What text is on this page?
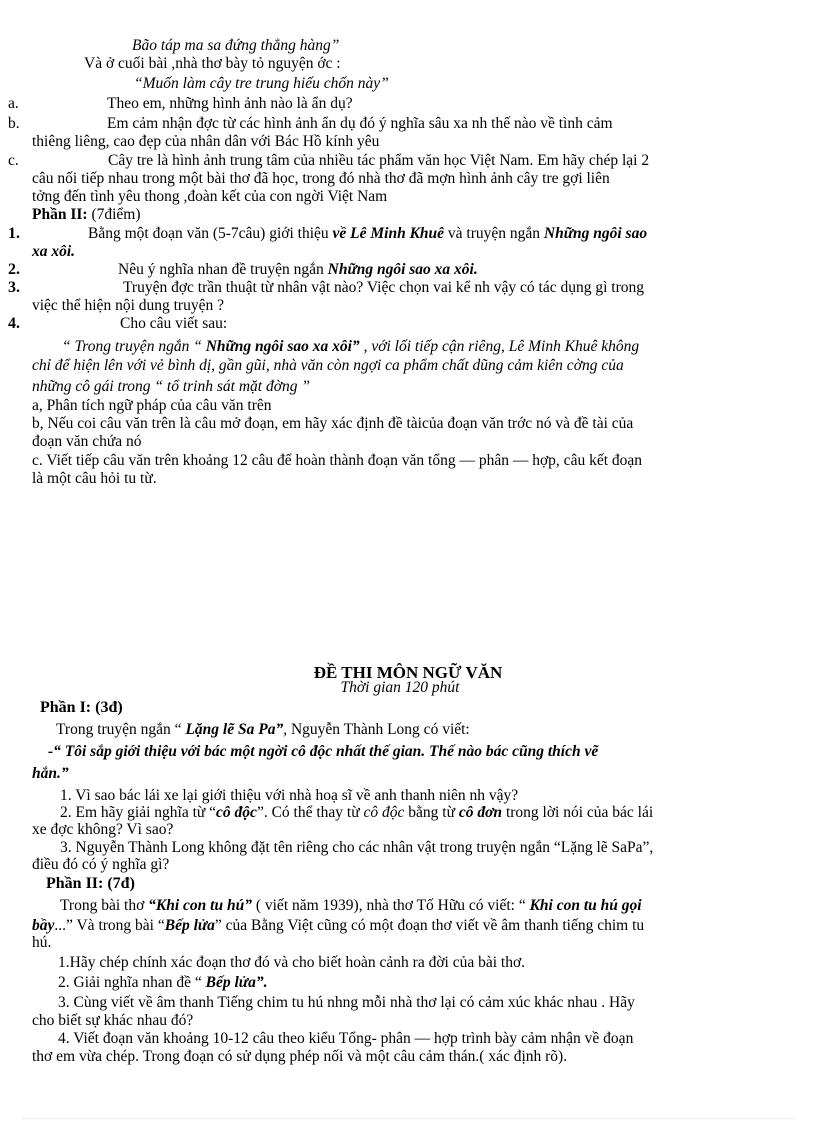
Bão táp ma sa đứng thẳng hàng”
Và ở cuối bài ,nhà thơ bày tỏ nguyện ớc :
“Muốn làm cây tre trung hiếu chốn này”
a.	Theo em, những hình ảnh nào là ẩn dụ?
b.	Em cảm nhận đợc từ các hình ảnh ẩn dụ đó ý nghĩa sâu xa nh thế nào về tình cảm
thiêng liêng, cao đẹp của nhân dân với Bác Hồ kính yêu
c.	Cây tre là hình ảnh trung tâm của nhiều tác phẩm văn học Việt Nam. Em hãy chép lại 2
câu nối tiếp nhau trong một bài thơ đã học, trong đó nhà thơ đã mợn hình ảnh cây tre gợi liên
tởng đến tình yêu thong ,đoàn kết của con ngời Việt Nam
Phần II: (7điểm)
1.	Bằng một đoạn văn (5-7câu) giới thiệu về Lê Minh Khuê và truyện ngắn Những ngôi sao
xa xôi.
2.	Nêu ý nghĩa nhan đề truyện ngắn Những ngôi sao xa xôi.
3.	Truyện đợc trần thuật từ nhân vật nào? Việc chọn vai kể nh vậy có tác dụng gì trong
việc thể hiện nội dung truyện ?
4.	Cho câu viết sau:
“ Trong truyện ngắn “ Những ngôi sao xa xôi” , với lối tiếp cận riêng, Lê Minh Khuê không
chỉ để hiện lên với vẻ bình dị, gần gũi, nhà văn còn ngợi ca phẩm chất dũng cảm kiên cờng của
những cô gái trong “ tổ trinh sát mặt đờng ”
a, Phân tích ngữ pháp của câu văn trên
b, Nếu coi câu văn trên là câu mở đoạn, em hãy xác định đề tàicủa đoạn văn trớc nó và đề tài của
đoạn văn chứa nó
c. Viết tiếp câu văn trên khoảng 12 câu để hoàn thành đoạn văn tổng — phân — hợp, câu kết đoạn
là một câu hỏi tu từ.
ĐỀ THI MÔN NGỮ VĂN
Thời gian 120 phút
Phần I: (3đ)
Trong truyện ngắn “ Lặng lẽ Sa Pa”, Nguyễn Thành Long có viết:
-“ Tôi sắp giới thiệu với bác một ngời cô độc nhất thế gian. Thế nào bác cũng thích vẽ
hắn.”
1. Vì sao bác lái xe lại giới thiệu với nhà hoạ sĩ về anh thanh niên nh vậy?
2. Em hãy giải nghĩa từ “cô độc”. Có thể thay từ cô độc bằng từ cô đơn trong lời nói của bác lái
xe đợc không? Vì sao?
3. Nguyễn Thành Long không đặt tên riêng cho các nhân vật trong truyện ngắn “Lặng lẽ SaPa”,
điều đó có ý nghĩa gì?
Phần II: (7đ)
Trong bài thơ “Khi con tu hú” ( viết năm 1939), nhà thơ Tố Hữu có viết: “ Khi con tu hú gọi
bầy...” Và trong bài “Bếp lửa” của Bằng Việt cũng có một đoạn thơ viết về âm thanh tiếng chim tu
hú.
1.Hãy chép chính xác đoạn thơ đó và cho biết hoàn cảnh ra đời của bài thơ.
2. Giải nghĩa nhan đề “ Bếp lửa”.
3. Cùng viết về âm thanh Tiếng chim tu hú nhng mỗi nhà thơ lại có cảm xúc khác nhau . Hãy
cho biết sự khác nhau đó?
4. Viết đoạn văn khoảng 10-12 câu theo kiểu Tổng- phân — hợp trình bày cảm nhận về đoạn
thơ em vừa chép. Trong đoạn có sử dụng phép nối và một câu cảm thán.( xác định rõ).
